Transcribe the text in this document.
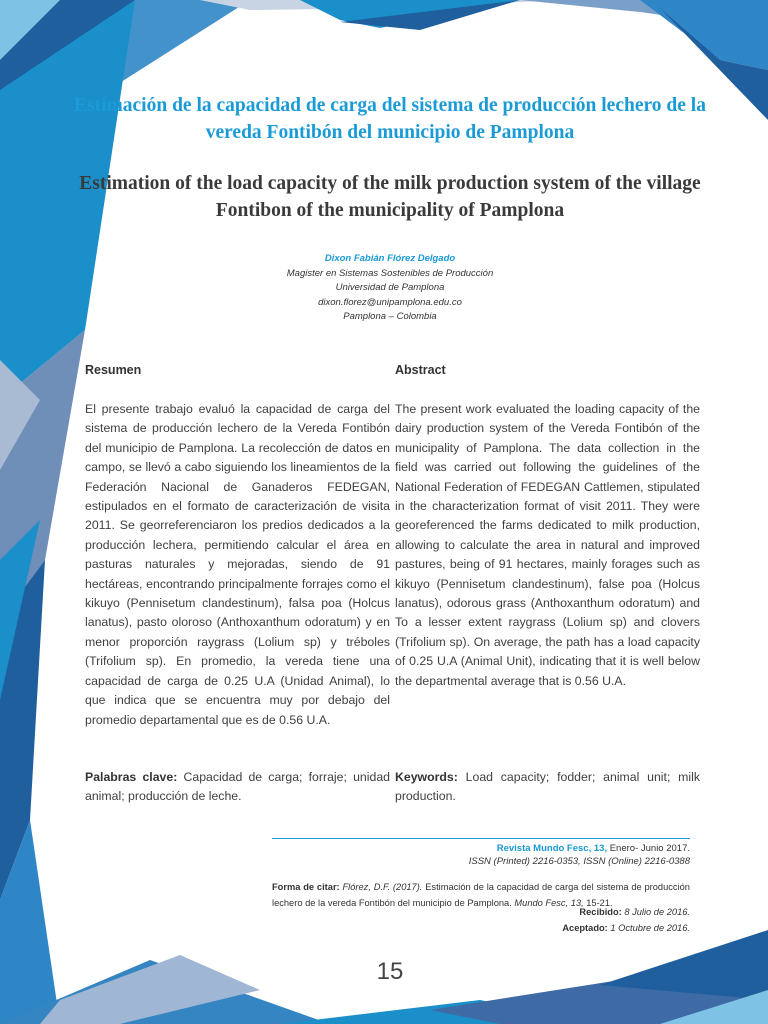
Estimación de la capacidad de carga del sistema de producción lechero de la vereda Fontibón del municipio de Pamplona
Estimation of the load capacity of the milk production system of the village Fontibon of the municipality of Pamplona
Dixon Fabián Flórez Delgado
Magister en Sistemas Sostenibles de Producción
Universidad de Pamplona
dixon.florez@unipamplona.edu.co
Pamplona – Colombia
Resumen
El presente trabajo evaluó la capacidad de carga del sistema de producción lechero de la Vereda Fontibón del municipio de Pamplona. La recolección de datos en campo, se llevó a cabo siguiendo los lineamientos de la Federación Nacional de Ganaderos FEDEGAN, estipulados en el formato de caracterización de visita 2011. Se georreferenciaron los predios dedicados a la producción lechera, permitiendo calcular el área en pasturas naturales y mejoradas, siendo de 91 hectáreas, encontrando principalmente forrajes como el kikuyo (Pennisetum clandestinum), falsa poa (Holcus lanatus), pasto oloroso (Anthoxanthum odoratum) y en menor proporción raygrass (Lolium sp) y tréboles (Trifolium sp). En promedio, la vereda tiene una capacidad de carga de 0.25 U.A (Unidad Animal), lo que indica que se encuentra muy por debajo del promedio departamental que es de 0.56 U.A.
Palabras clave: Capacidad de carga; forraje; unidad animal; producción de leche.
Abstract
The present work evaluated the loading capacity of the dairy production system of the Vereda Fontibón of the municipality of Pamplona. The data collection in the field was carried out following the guidelines of the National Federation of FEDEGAN Cattlemen, stipulated in the characterization format of visit 2011. They were georeferenced the farms dedicated to milk production, allowing to calculate the area in natural and improved pastures, being of 91 hectares, mainly forages such as kikuyo (Pennisetum clandestinum), false poa (Holcus lanatus), odorous grass (Anthoxanthum odoratum) and To a lesser extent raygrass (Lolium sp) and clovers (Trifolium sp). On average, the path has a load capacity of 0.25 U.A (Animal Unit), indicating that it is well below the departmental average that is 0.56 U.A.
Keywords: Load capacity; fodder; animal unit; milk production.
Revista Mundo Fesc, 13, Enero- Junio 2017.
ISSN (Printed) 2216-0353, ISSN (Online) 2216-0388
Forma de citar: Flórez, D.F. (2017). Estimación de la capacidad de carga del sistema de producción lechero de la vereda Fontibón del municipio de Pamplona. Mundo Fesc, 13, 15-21.
Recibido: 8 Julio de 2016.
Aceptado: 1 Octubre de 2016.
15
